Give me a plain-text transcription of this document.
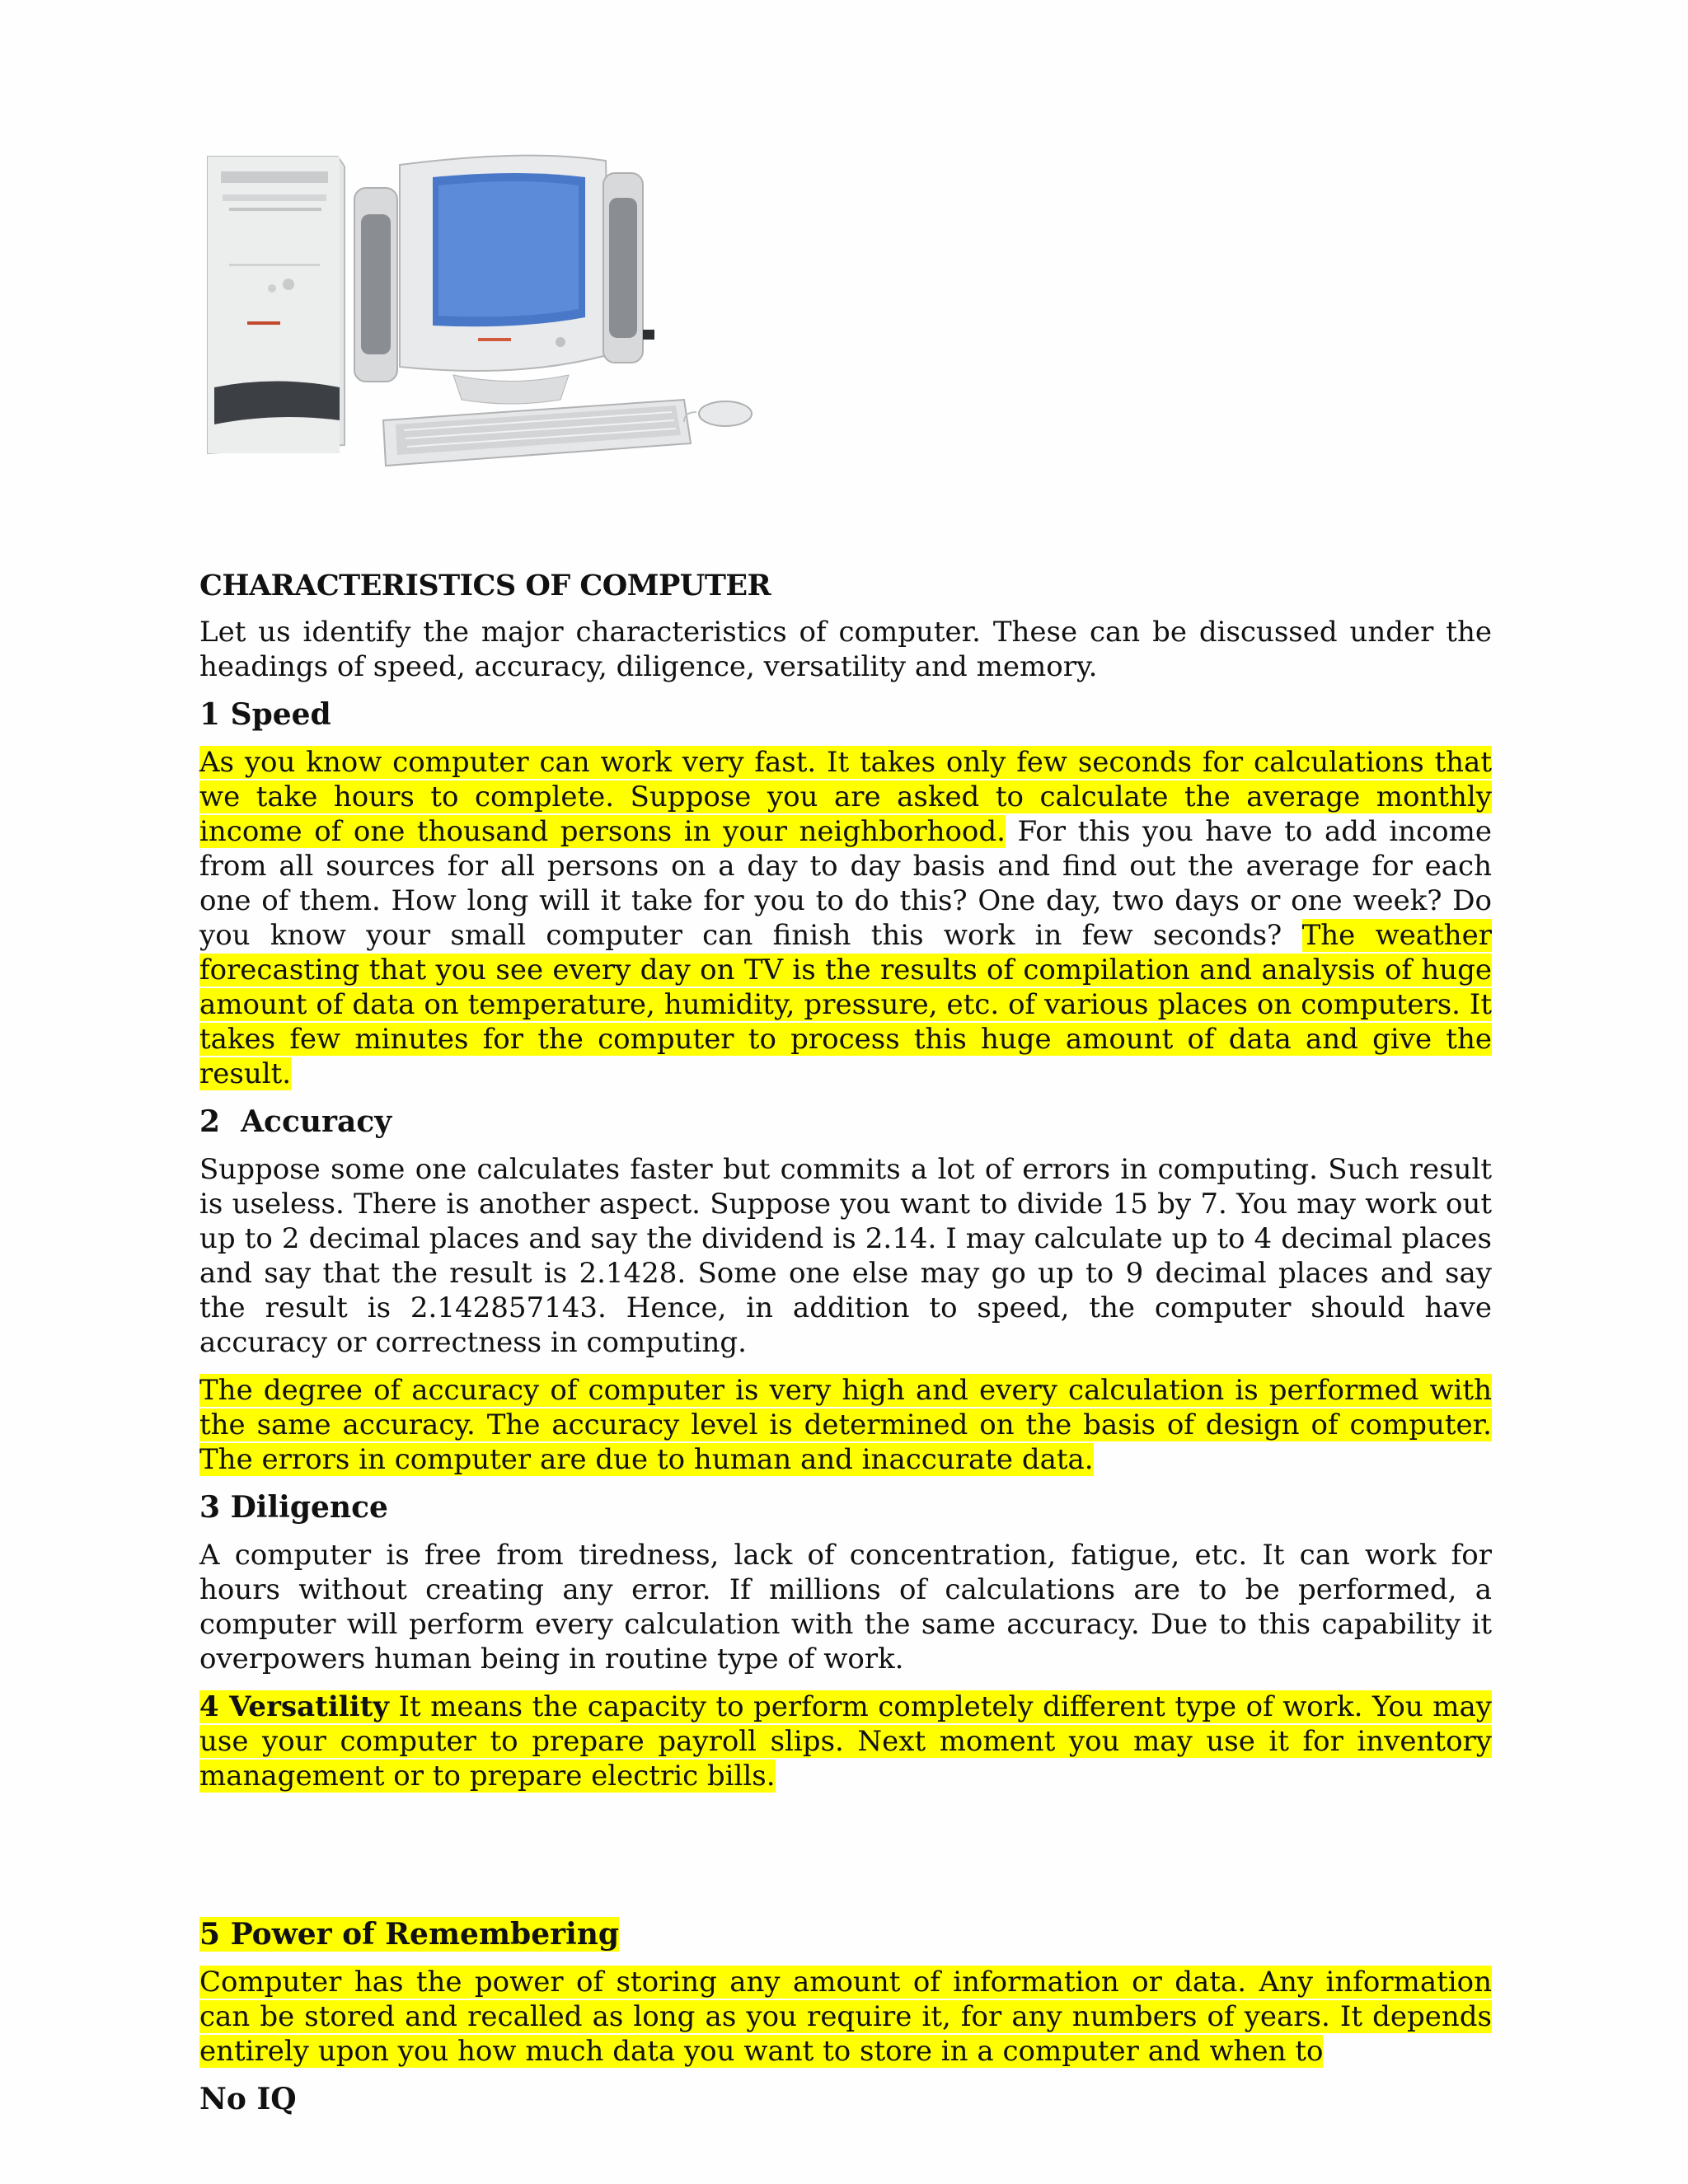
CHARACTERISTICS OF COMPUTER

Let us identify the major characteristics of computer. These can be discussed under the headings of speed, accuracy, diligence, versatility and memory.

1 Speed

As you know computer can work very fast. It takes only few seconds for calculations that we take hours to complete. Suppose you are asked to calculate the average monthly income of one thousand persons in your neighborhood. For this you have to add income from all sources for all persons on a day to day basis and find out the average for each one of them. How long will it take for you to do this? One day, two days or one week? Do you know your small computer can finish this work in few seconds? The weather forecasting that you see every day on TV is the results of compilation and analysis of huge amount of data on temperature, humidity, pressure, etc. of various places on computers. It takes few minutes for the computer to process this huge amount of data and give the result.

2  Accuracy

Suppose some one calculates faster but commits a lot of errors in computing. Such result is useless. There is another aspect. Suppose you want to divide 15 by 7. You may work out up to 2 decimal places and say the dividend is 2.14. I may calculate up to 4 decimal places and say that the result is 2.1428. Some one else may go up to 9 decimal places and say the result is 2.142857143. Hence, in addition to speed, the computer should have accuracy or correctness in computing.

The degree of accuracy of computer is very high and every calculation is performed with the same accuracy. The accuracy level is determined on the basis of design of computer. The errors in computer are due to human and inaccurate data.

3 Diligence

A computer is free from tiredness, lack of concentration, fatigue, etc. It can work for hours without creating any error. If millions of calculations are to be performed, a computer will perform every calculation with the same accuracy. Due to this capability it overpowers human being in routine type of work.

4 Versatility It means the capacity to perform completely different type of work. You may use your computer to prepare payroll slips. Next moment you may use it for inventory management or to prepare electric bills.

5 Power of Remembering

Computer has the power of storing any amount of information or data. Any information can be stored and recalled as long as you require it, for any numbers of years. It depends entirely upon you how much data you want to store in a computer and when to

No IQ
